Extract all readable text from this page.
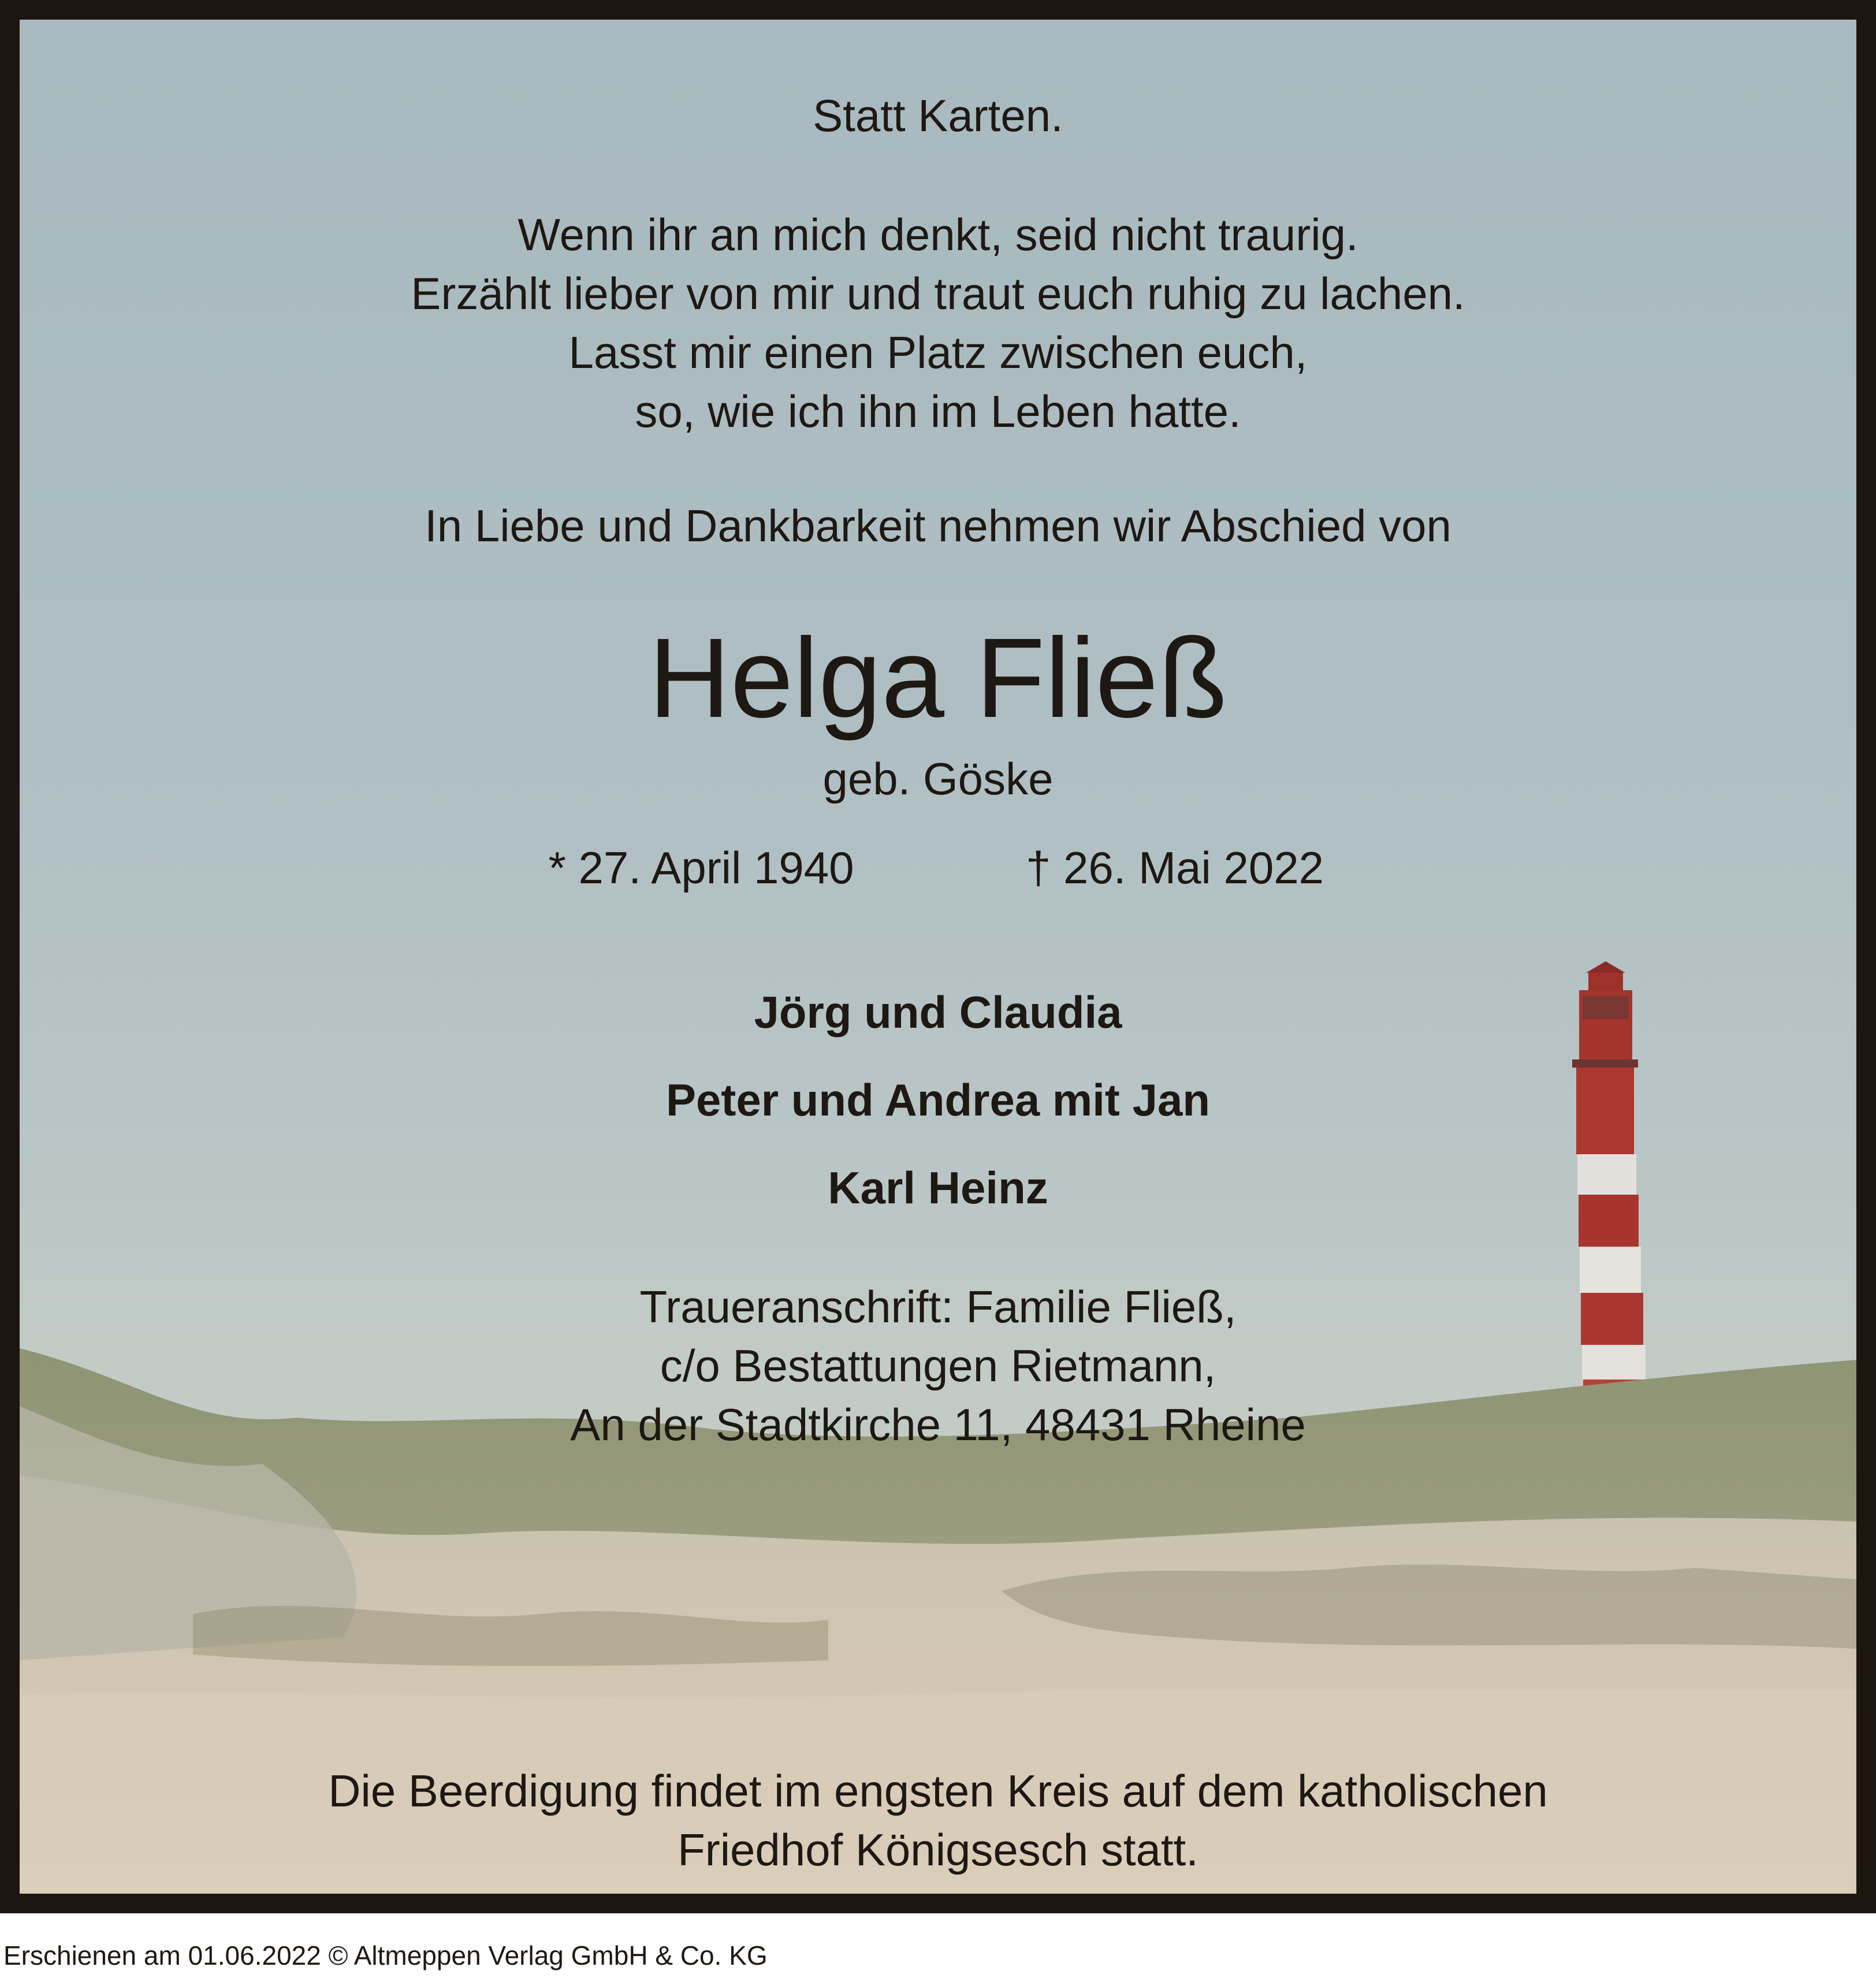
Statt Karten.
Wenn ihr an mich denkt, seid nicht traurig.
Erzählt lieber von mir und traut euch ruhig zu lachen.
Lasst mir einen Platz zwischen euch,
so, wie ich ihn im Leben hatte.
In Liebe und Dankbarkeit nehmen wir Abschied von
Helga Fließ
geb. Göske
* 27. April 1940	† 26. Mai 2022
Jörg und Claudia
Peter und Andrea mit Jan
Karl Heinz
Traueranschrift: Familie Fließ,
c/o Bestattungen Rietmann,
An der Stadtkirche 11, 48431 Rheine
Die Beerdigung findet im engsten Kreis auf dem katholischen
Friedhof Königsesch statt.
Erschienen am 01.06.2022 © Altmeppen Verlag GmbH & Co. KG
